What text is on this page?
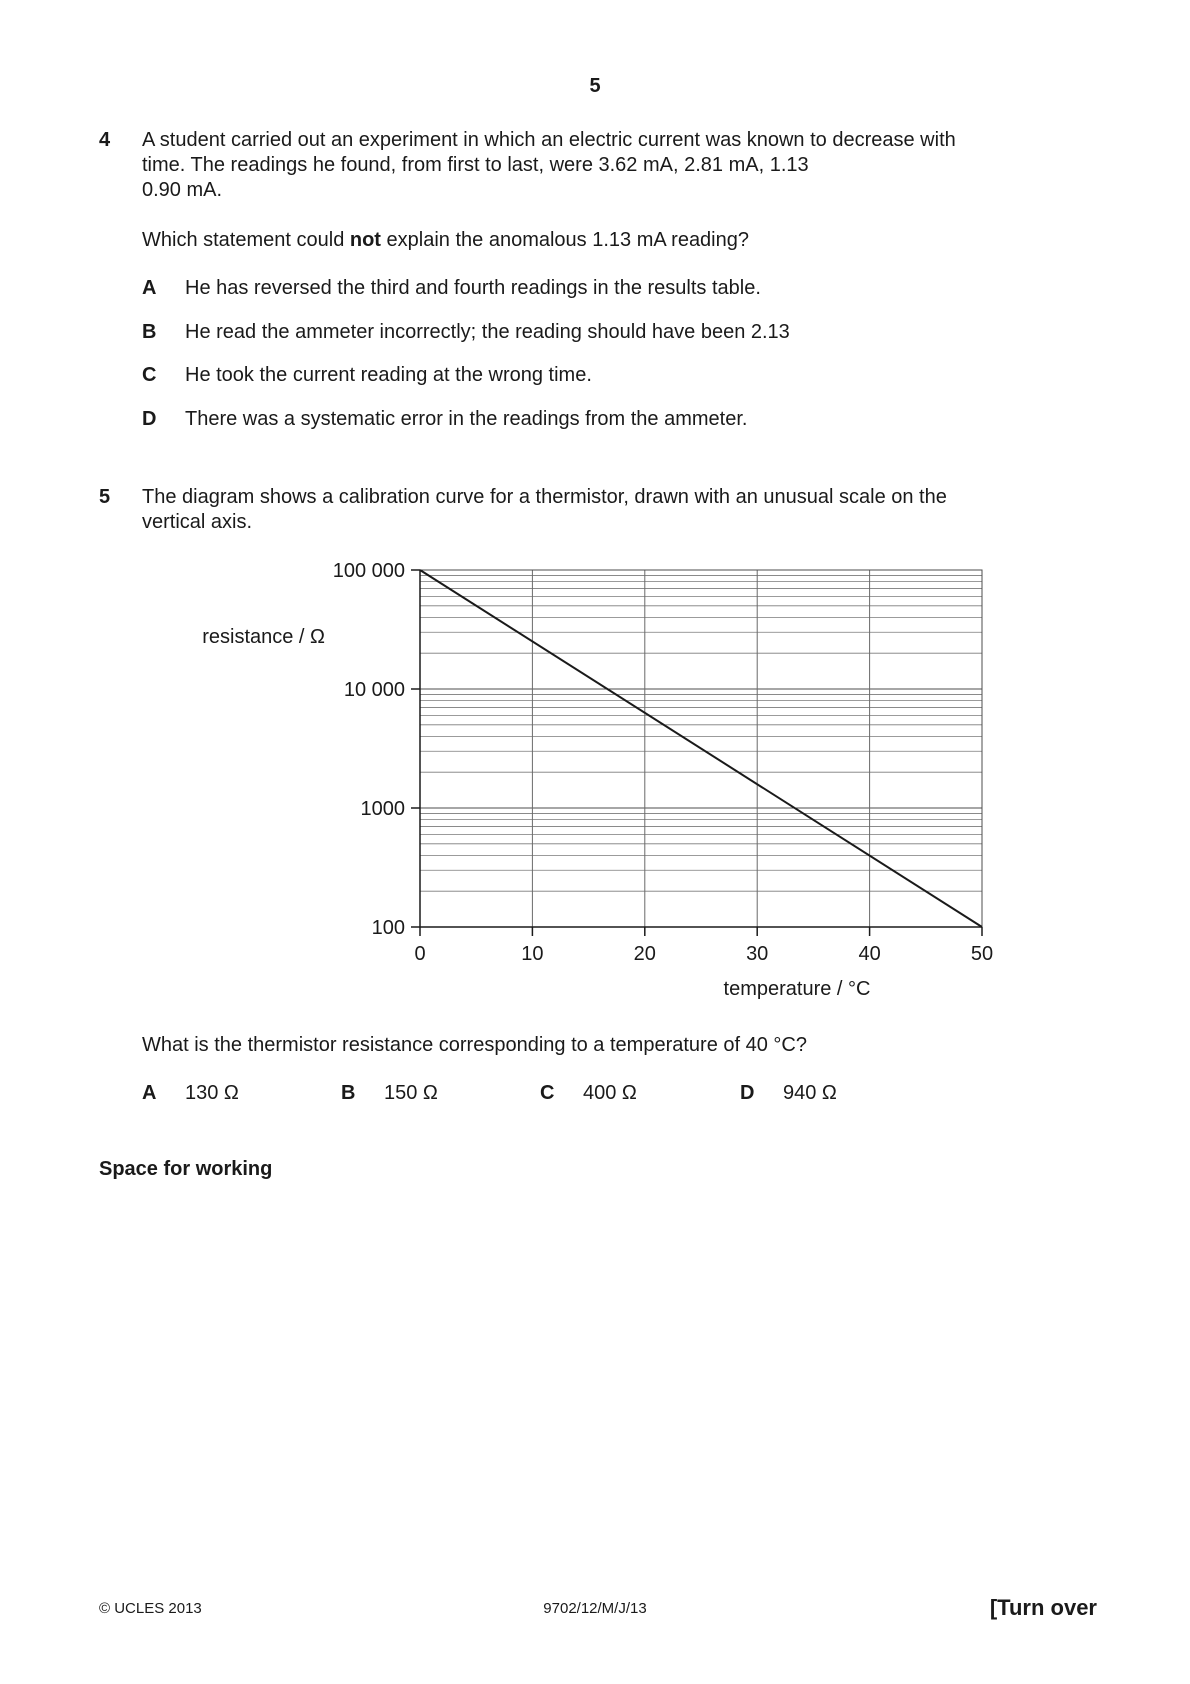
5
4 A student carried out an experiment in which an electric current was known to decrease with
time. The readings he found, from first to last, were 3.62 mA, 2.81 mA, 1.13
0.90 mA.
Which statement could not explain the anomalous 1.13 mA reading?
A He has reversed the third and fourth readings in the results table.
B He read the ammeter incorrectly; the reading should have been 2.13
C He took the current reading at the wrong time.
D There was a systematic error in the readings from the ammeter.
5 The diagram shows a calibration curve for a thermistor, drawn with an unusual scale on the
vertical axis.
0	10	20	30	40	50
100 000
10 000
1000
100
resistance / Ω
temperature / °C
What is the thermistor resistance corresponding to a temperature of 40 °C?
A 130 Ω	B 150 Ω	C 400 Ω	D 940 Ω
Space for working
© UCLES 2013	9702/12/M/J/13	[Turn over
